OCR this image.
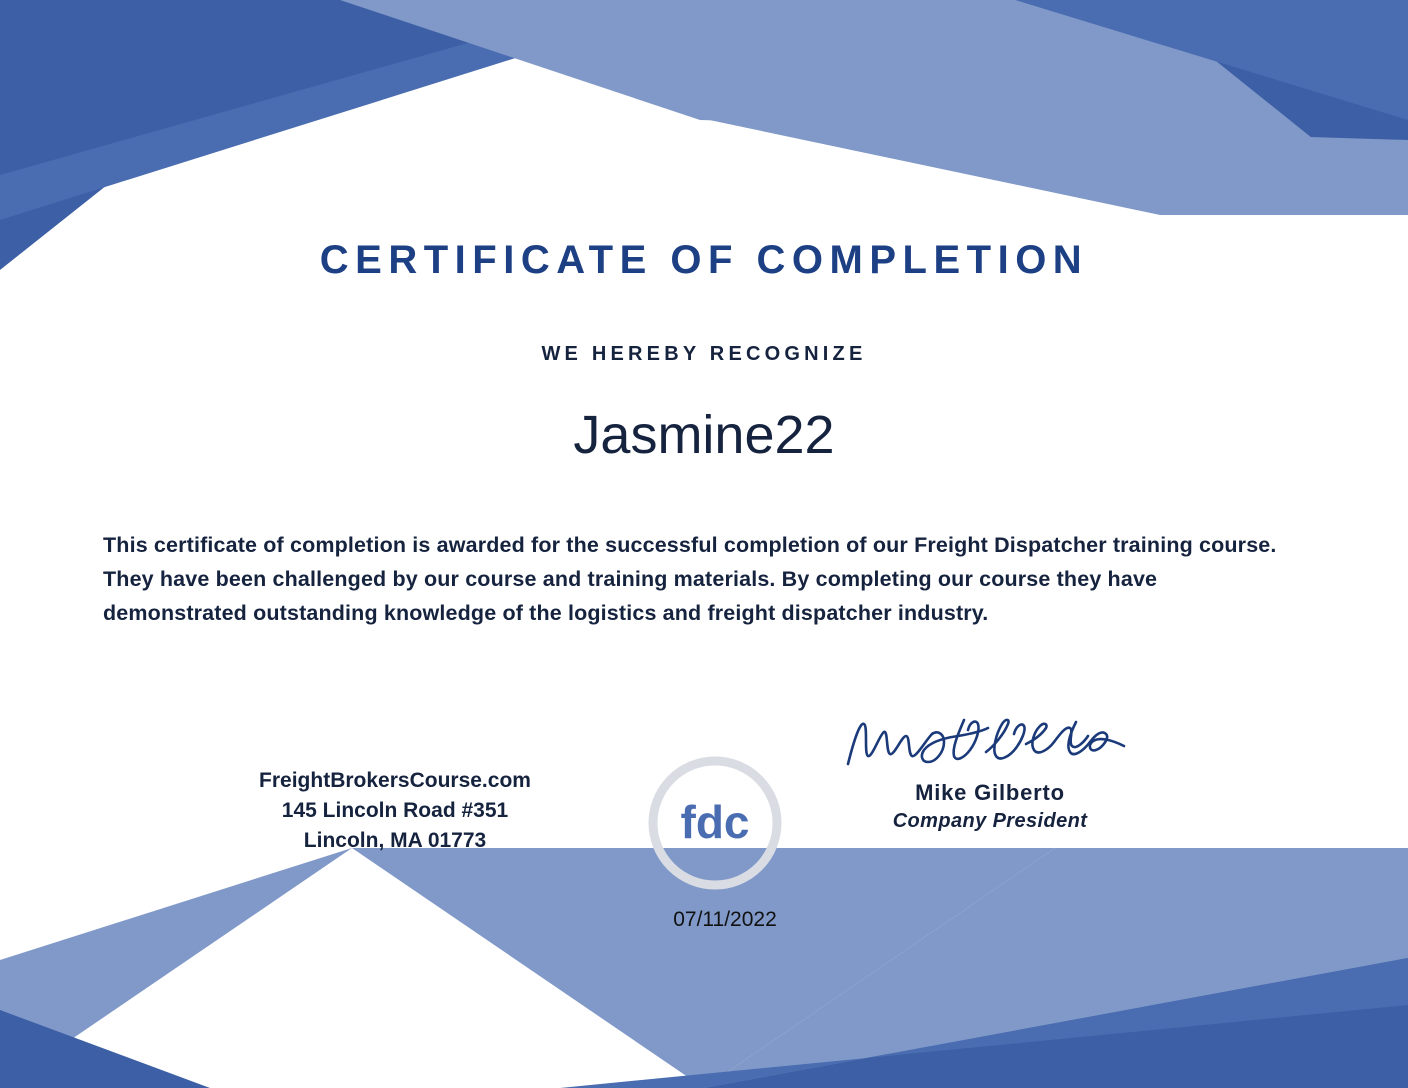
CERTIFICATE OF COMPLETION
WE HEREBY RECOGNIZE
Jasmine22
This certificate of completion is awarded for the successful completion of our Freight Dispatcher training course. They have been challenged by our course and training materials. By completing our course they have demonstrated outstanding knowledge of the logistics and freight dispatcher industry.
FreightBrokersCourse.com
145 Lincoln Road #351
Lincoln, MA 01773	fdc
Mike Gilberto
Company President
07/11/2022
